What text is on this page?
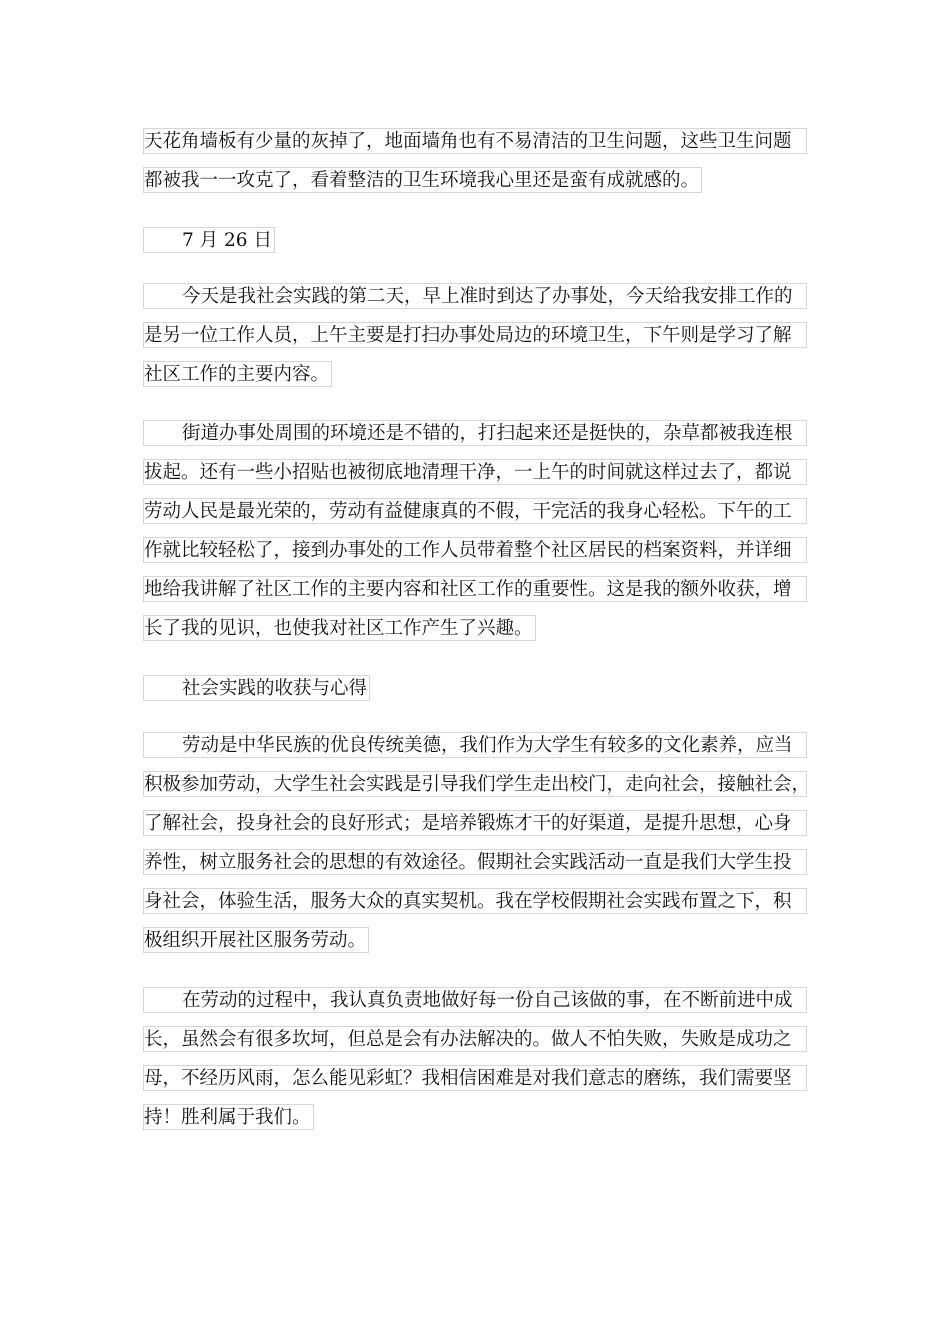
天花角墙板有少量的灰掉了，地面墙角也有不易清洁的卫生问题，这些卫生问题
都被我一一攻克了，看着整洁的卫生环境我心里还是蛮有成就感的。
7 月 26 日
今天是我社会实践的第二天，早上准时到达了办事处，今天给我安排工作的
是另一位工作人员，上午主要是打扫办事处局边的环境卫生，下午则是学习了解
社区工作的主要内容。
街道办事处周围的环境还是不错的，打扫起来还是挺快的，杂草都被我连根
拔起。还有一些小招贴也被彻底地清理干净，一上午的时间就这样过去了，都说
劳动人民是最光荣的，劳动有益健康真的不假，干完活的我身心轻松。下午的工
作就比较轻松了，接到办事处的工作人员带着整个社区居民的档案资料，并详细
地给我讲解了社区工作的主要内容和社区工作的重要性。这是我的额外收获，增
长了我的见识，也使我对社区工作产生了兴趣。
社会实践的收获与心得
劳动是中华民族的优良传统美德，我们作为大学生有较多的文化素养，应当
积极参加劳动，大学生社会实践是引导我们学生走出校门，走向社会，接触社会，
了解社会，投身社会的良好形式；是培养锻炼才干的好渠道，是提升思想，心身
养性，树立服务社会的思想的有效途径。假期社会实践活动一直是我们大学生投
身社会，体验生活，服务大众的真实契机。我在学校假期社会实践布置之下，积
极组织开展社区服务劳动。
在劳动的过程中，我认真负责地做好每一份自己该做的事，在不断前进中成
长，虽然会有很多坎坷，但总是会有办法解决的。做人不怕失败，失败是成功之
母，不经历风雨，怎么能见彩虹？我相信困难是对我们意志的磨练，我们需要坚
持！胜利属于我们。
